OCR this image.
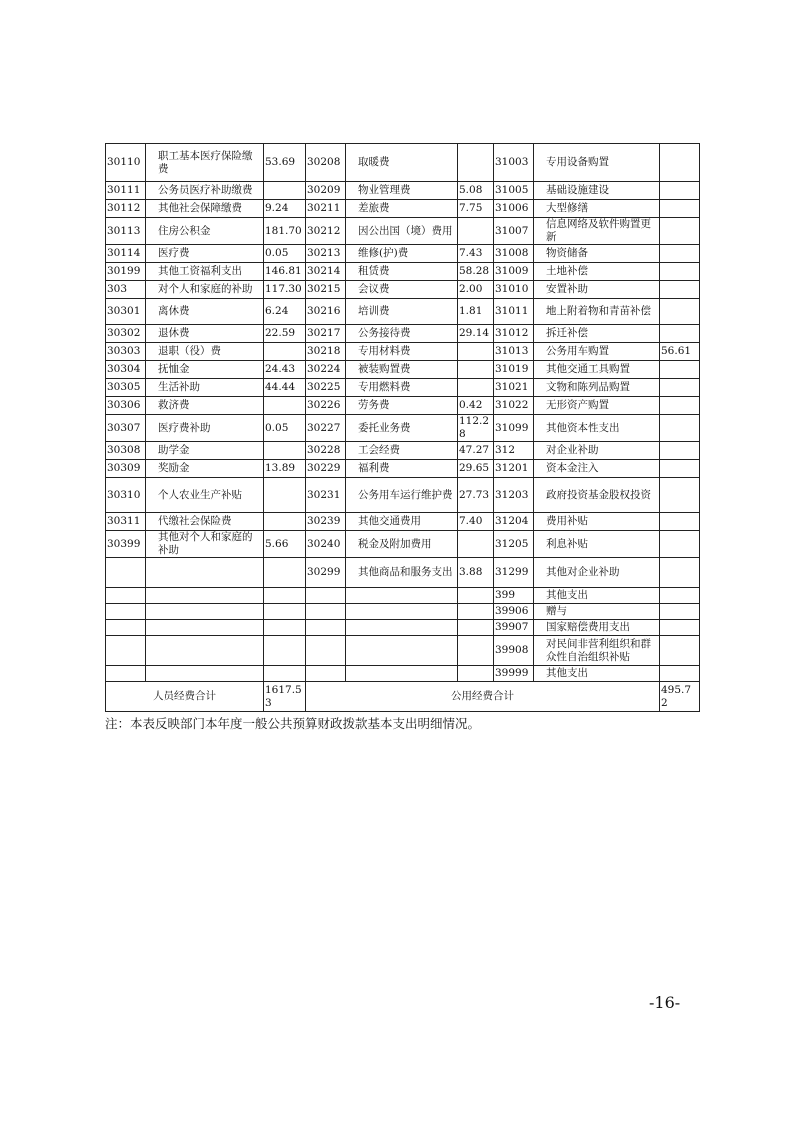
30110	职工基本医疗保险缴费	53.69	30208	取暖费		31003	专用设备购置	
30111	公务员医疗补助缴费		30209	物业管理费	5.08	31005	基础设施建设	
30112	其他社会保障缴费	9.24	30211	差旅费	7.75	31006	大型修缮	
30113	住房公积金	181.70	30212	因公出国（境）费用		31007	信息网络及软件购置更新	
30114	医疗费	0.05	30213	维修(护)费	7.43	31008	物资储备	
30199	其他工资福利支出	146.81	30214	租赁费	58.28	31009	土地补偿	
303	对个人和家庭的补助	117.30	30215	会议费	2.00	31010	安置补助	
30301	离休费	6.24	30216	培训费	1.81	31011	地上附着物和青苗补偿	
30302	退休费	22.59	30217	公务接待费	29.14	31012	拆迁补偿	
30303	退职（役）费		30218	专用材料费		31013	公务用车购置	56.61
30304	抚恤金	24.43	30224	被装购置费		31019	其他交通工具购置	
30305	生活补助	44.44	30225	专用燃料费		31021	文物和陈列品购置	
30306	救济费		30226	劳务费	0.42	31022	无形资产购置	
30307	医疗费补助	0.05	30227	委托业务费	112.28	31099	其他资本性支出	
30308	助学金		30228	工会经费	47.27	312	对企业补助	
30309	奖励金	13.89	30229	福利费	29.65	31201	资本金注入	
30310	个人农业生产补贴		30231	公务用车运行维护费	27.73	31203	政府投资基金股权投资	
30311	代缴社会保险费		30239	其他交通费用	7.40	31204	费用补贴	
30399	其他对个人和家庭的补助	5.66	30240	税金及附加费用		31205	利息补贴	
			30299	其他商品和服务支出	3.88	31299	其他对企业补助	
						399	其他支出	
						39906	赠与	
						39907	国家赔偿费用支出	
						39908	对民间非营利组织和群众性自治组织补贴	
						39999	其他支出	
人员经费合计		1617.53	公用经费合计					495.72
注：本表反映部门本年度一般公共预算财政拨款基本支出明细情况。
-16-
